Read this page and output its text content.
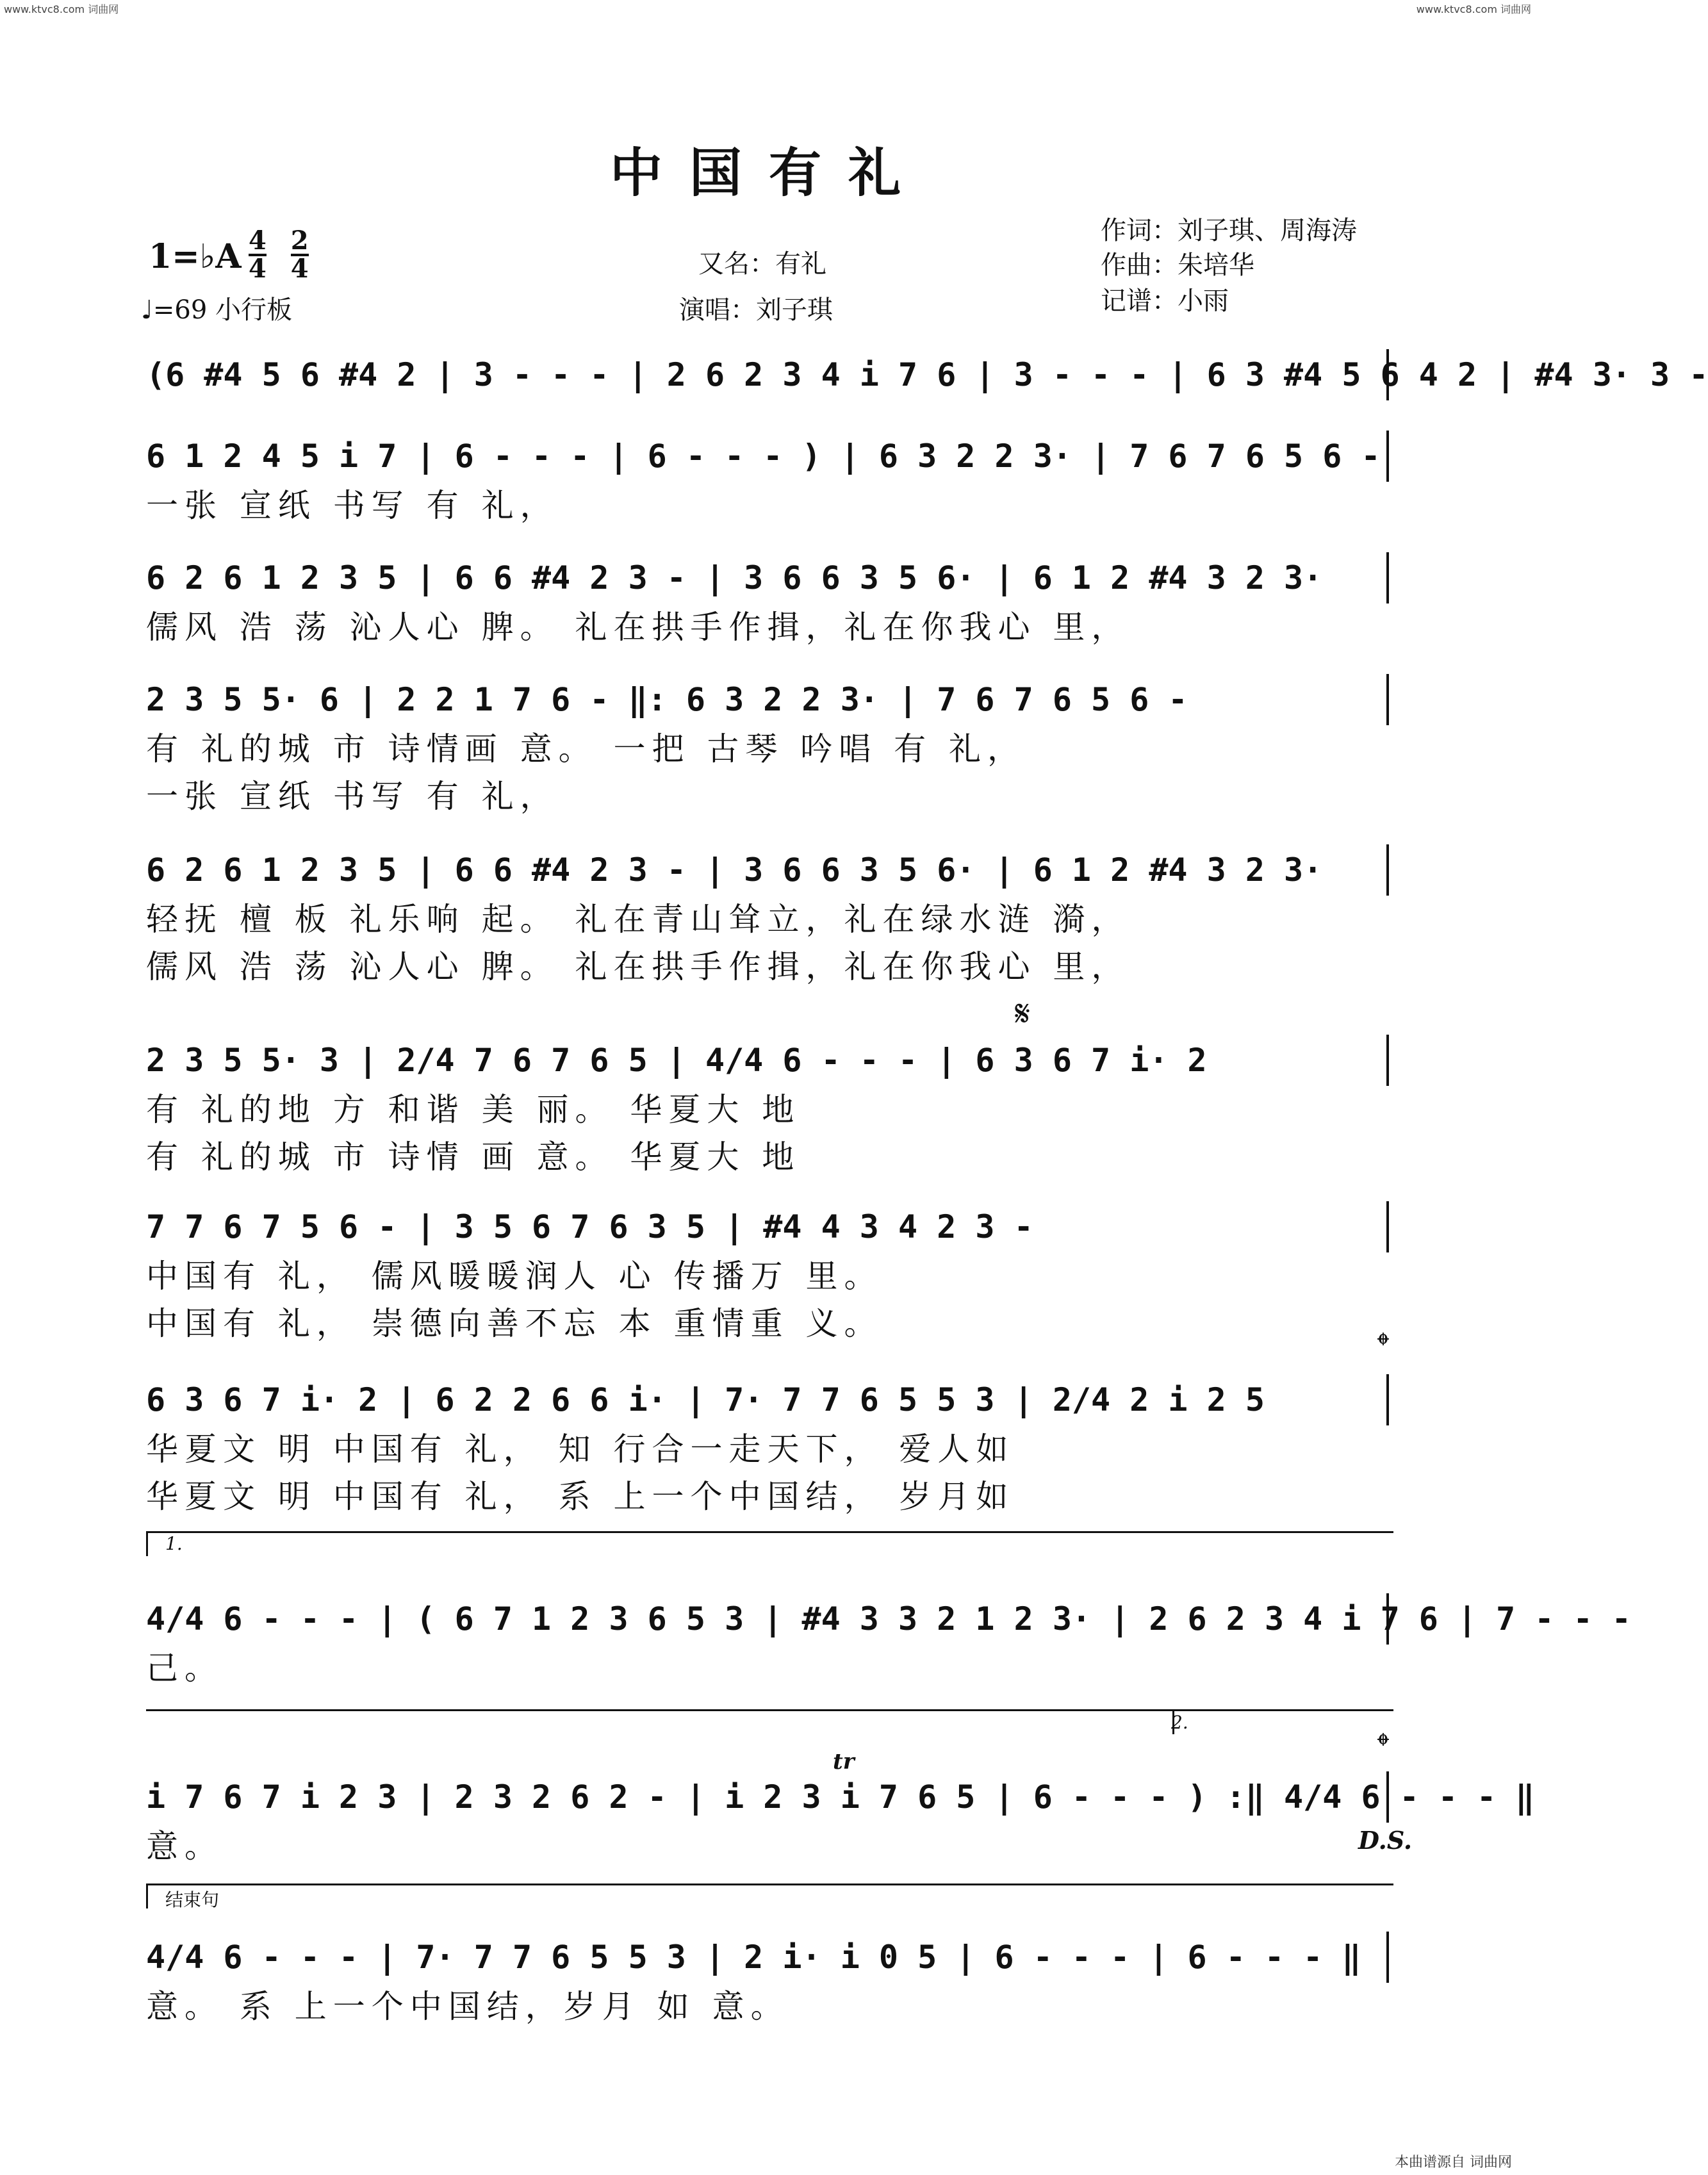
www.ktvc8.com 词曲网	www.ktvc8.com 词曲网
本曲谱源自 词曲网
中国有礼
1=♭A $\frac{4}{4}$
$\frac{2}{4}$
♩=69 小行板
又名：有礼
演唱：刘子琪
作词：刘子琪、周海涛
作曲：朱培华
记谱：小雨
(6 #4 5 6 #4 2 | 3 - - - | 2 6 2 3 4 i 7 6 | 3 - - - | 6 3 #4 5 6 4 2 | #4 3· 3 -
6 1 2 4 5 i 7 | 6 - - - | 6 - - - ) | 6 3 2 2 3· | 7 6 7 6 5 6 -
一张 宣纸 书写 有 礼，
6 2 6 1 2 3 5 | 6 6 #4 2 3 - | 3 6 6 3 5 6· | 6 1 2 #4 3 2 3·
儒风 浩 荡 沁人心 脾。 礼在拱手作揖，礼在你我心 里，
2 3 5 5· 6 | 2 2 1 7 6 - ‖: 6 3 2 2 3· | 7 6 7 6 5 6 -
有 礼的城 市 诗情画 意。 一把 古琴 吟唱 有 礼，
一张 宣纸 书写 有 礼，
6 2 6 1 2 3 5 | 6 6 #4 2 3 - | 3 6 6 3 5 6· | 6 1 2 #4 3 2 3·
轻抚 檀 板 礼乐响 起。 礼在青山耸立，礼在绿水涟 漪，
儒风 浩 荡 沁人心 脾。 礼在拱手作揖，礼在你我心 里，
𝄋
2 3 5 5· 3 | 2/4 7 6 7 6 5 | 4/4 6 - - - | 6 3 6 7 i· 2
有 礼的地 方 和谐 美 丽。 华夏大 地
有 礼的城 市 诗情 画 意。 华夏大 地
7 7 6 7 5 6 - | 3 5 6 7 6 3 5 | #4 4 3 4 2 3 -
中国有 礼， 儒风暖暖润人 心 传播万 里。
中国有 礼， 崇德向善不忘 本 重情重 义。
𝄌
6 3 6 7 i· 2 | 6 2 2 6 6 i· | 7· 7 7 6 5 5 3 | 2/4 2 i 2 5
华夏文 明 中国有 礼， 知 行合一走天下， 爱人如
华夏文 明 中国有 礼， 系 上一个中国结， 岁月如
1.
4/4 6 - - - | ( 6 7 1 2 3 6 5 3 | #4 3 3 2 1 2 3· | 2 6 2 3 4 i 7 6 | 7 - - -
己。
2.
𝄌
tr
i 7 6 7 i 2 3 | 2 3 2 6 2 - | i 2 3 i 7 6 5 | 6 - - - ) :‖ 4/4 6 - - - ‖
意。	D.S.
结束句
4/4 6 - - - | 7· 7 7 6 5 5 3 | 2 i· i 0 5 | 6 - - - | 6 - - - ‖
意。 系 上一个中国结，岁月 如 意。
